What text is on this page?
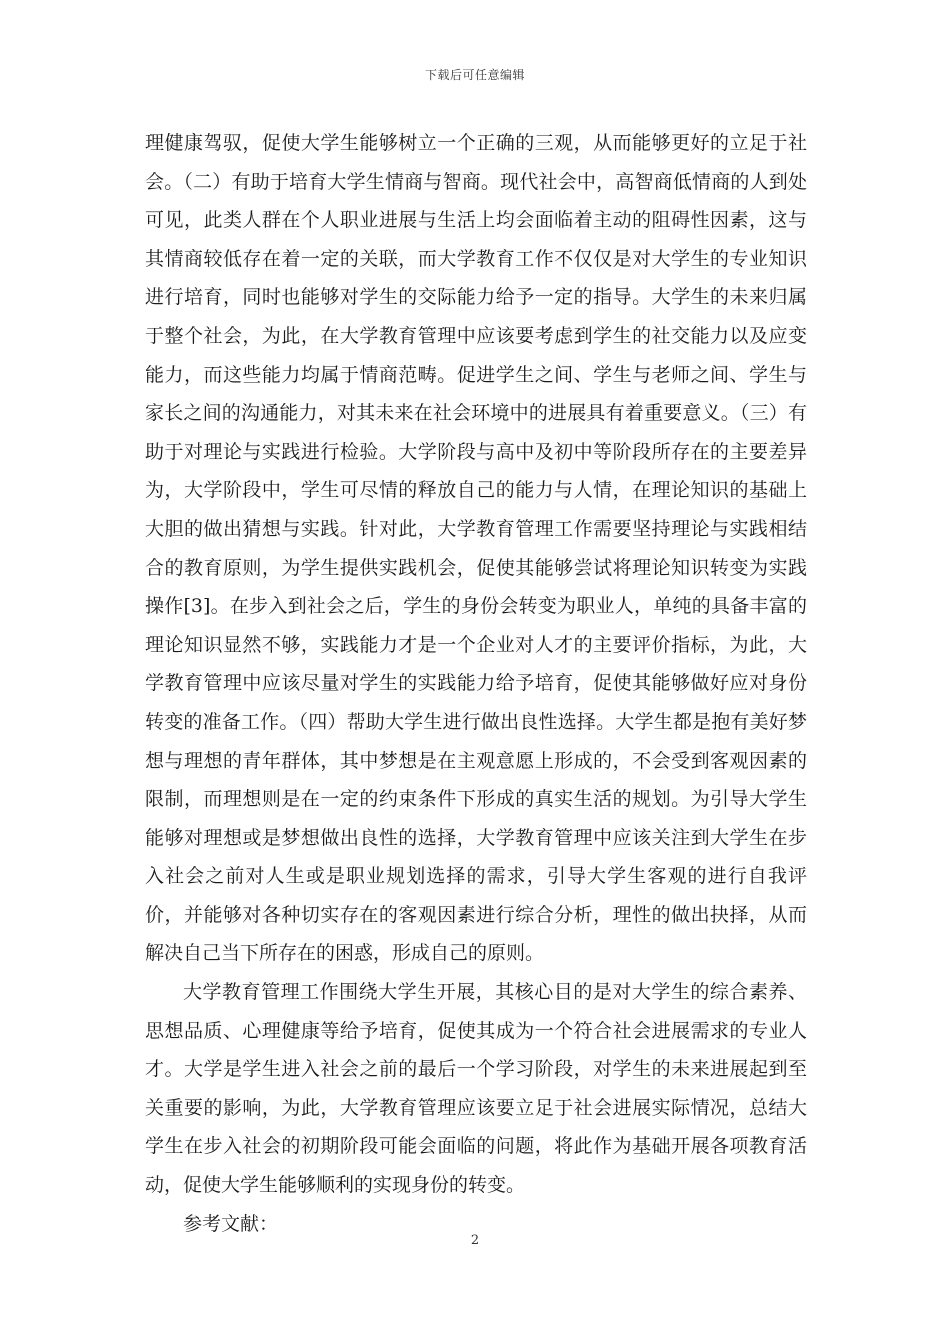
下载后可任意编辑

理健康驾驭，促使大学生能够树立一个正确的三观，从而能够更好的立足于社会。（二）有助于培育大学生情商与智商。现代社会中，高智商低情商的人到处可见，此类人群在个人职业进展与生活上均会面临着主动的阻碍性因素，这与其情商较低存在着一定的关联，而大学教育工作不仅仅是对大学生的专业知识进行培育，同时也能够对学生的交际能力给予一定的指导。大学生的未来归属于整个社会，为此，在大学教育管理中应该要考虑到学生的社交能力以及应变能力，而这些能力均属于情商范畴。促进学生之间、学生与老师之间、学生与家长之间的沟通能力，对其未来在社会环境中的进展具有着重要意义。（三）有助于对理论与实践进行检验。大学阶段与高中及初中等阶段所存在的主要差异为，大学阶段中，学生可尽情的释放自己的能力与人情，在理论知识的基础上大胆的做出猜想与实践。针对此，大学教育管理工作需要坚持理论与实践相结合的教育原则，为学生提供实践机会，促使其能够尝试将理论知识转变为实践操作[3]。在步入到社会之后，学生的身份会转变为职业人，单纯的具备丰富的理论知识显然不够，实践能力才是一个企业对人才的主要评价指标，为此，大学教育管理中应该尽量对学生的实践能力给予培育，促使其能够做好应对身份转变的准备工作。（四）帮助大学生进行做出良性选择。大学生都是抱有美好梦想与理想的青年群体，其中梦想是在主观意愿上形成的，不会受到客观因素的限制，而理想则是在一定的约束条件下形成的真实生活的规划。为引导大学生能够对理想或是梦想做出良性的选择，大学教育管理中应该关注到大学生在步入社会之前对人生或是职业规划选择的需求，引导大学生客观的进行自我评价，并能够对各种切实存在的客观因素进行综合分析，理性的做出抉择，从而解决自己当下所存在的困惑，形成自己的原则。

大学教育管理工作围绕大学生开展，其核心目的是对大学生的综合素养、思想品质、心理健康等给予培育，促使其成为一个符合社会进展需求的专业人才。大学是学生进入社会之前的最后一个学习阶段，对学生的未来进展起到至关重要的影响，为此，大学教育管理应该要立足于社会进展实际情况，总结大学生在步入社会的初期阶段可能会面临的问题，将此作为基础开展各项教育活动，促使大学生能够顺利的实现身份的转变。

参考文献：

2
